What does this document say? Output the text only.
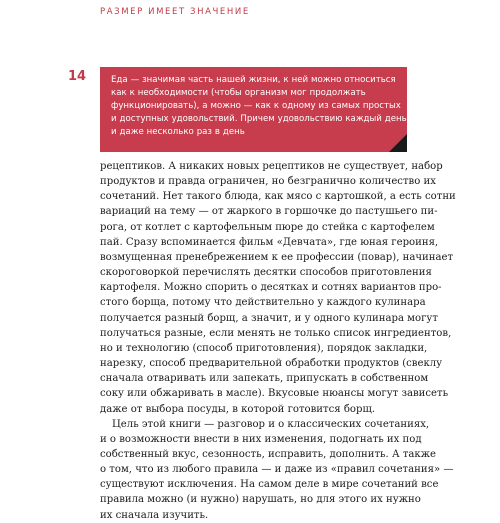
РАЗМЕР ИМЕЕТ ЗНАЧЕНИЕ
14	Еда — значимая часть нашей жизни, к ней можно относиться
как к необходимости (чтобы организм мог продолжать
функционировать), а можно — как к одному из самых простых
и доступных удовольствий. Причем удовольствию каждый день —
и даже несколько раз в день

рецептиков. А никаких новых рецептиков не существует, набор
продуктов и правда ограничен, но безгранично количество их
сочетаний. Нет такого блюда, как мясо с картошкой, а есть сотни
вариаций на тему — от жаркого в горшочке до пастушьего пи-
рога, от котлет с картофельным пюре до стейка с картофелем
пай. Сразу вспоминается фильм «Девчата», где юная героиня,
возмущенная пренебрежением к ее профессии (повар), начинает
скороговоркой перечислять десятки способов приготовления
картофеля. Можно спорить о десятках и сотнях вариантов про-
стого борща, потому что действительно у каждого кулинара
получается разный борщ, а значит, и у одного кулинара могут
получаться разные, если менять не только список ингредиентов,
но и технологию (способ приготовления), порядок закладки,
нарезку, способ предварительной обработки продуктов (свеклу
сначала отваривать или запекать, припускать в собственном
соку или обжаривать в масле). Вкусовые нюансы могут зависеть
даже от выбора посуды, в которой готовится борщ.
Цель этой книги — разговор и о классических сочетаниях,
и о возможности внести в них изменения, подогнать их под
собственный вкус, сезонность, исправить, дополнить. А также
о том, что из любого правила — и даже из «правил сочетания» —
существуют исключения. На самом деле в мире сочетаний все
правила можно (и нужно) нарушать, но для этого их нужно
их сначала изучить.
